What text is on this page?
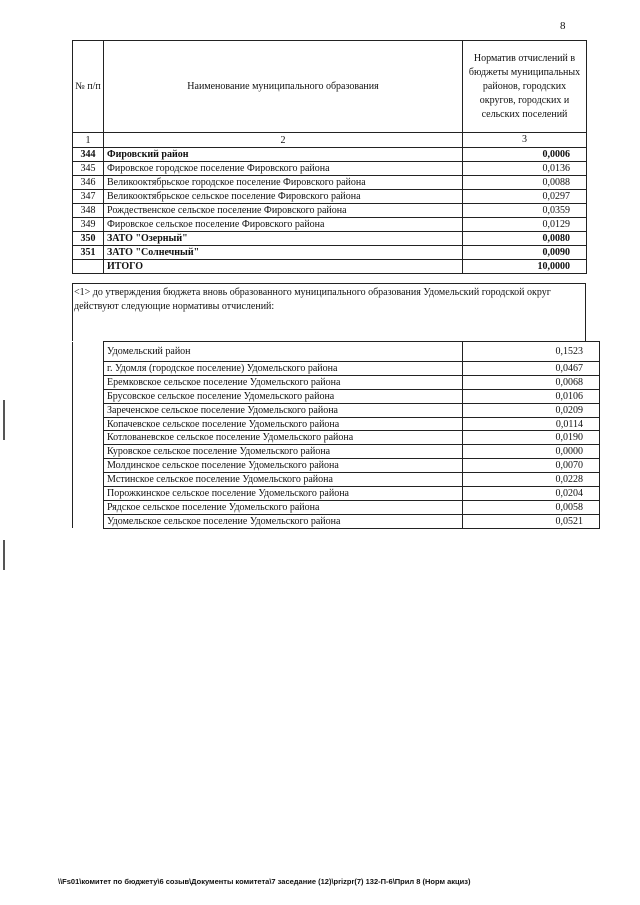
8
№ п/п	Наименование муниципального образования	Норматив отчислений в бюджеты муниципальных районов, городских округов, городских и сельских поселений
1	2	3
344	Фировский район	0,0006
345	Фировское городское поселение Фировского района	0,0136
346	Великооктябрьское городское поселение Фировского района	0,0088
347	Великооктябрьское сельское поселение Фировского района	0,0297
348	Рождественское сельское поселение Фировского района	0,0359
349	Фировское сельское поселение Фировского района	0,0129
350	ЗАТО "Озерный"	0,0080
351	ЗАТО "Солнечный"	0,0090
	ИТОГО	10,0000
<1> до утверждения бюджета вновь образованного муниципального образования Удомельский городской округ действуют следующие нормативы отчислений:
	Удомельский район	0,1523
	г. Удомля (городское поселение) Удомельского района	0,0467
	Еремковское сельское поселение Удомельского района	0,0068
	Брусовское сельское поселение Удомельского района	0,0106
	Зареченское сельское поселение Удомельского района	0,0209
	Копачевское сельское поселение Удомельского района	0,0114
	Котлованевское сельское поселение Удомельского района	0,0190
	Куровское сельское поселение Удомельского района	0,0000
	Молдинское сельское поселение Удомельского района	0,0070
	Мстинское сельское поселение Удомельского района	0,0228
	Порожкинское сельское поселение Удомельского района	0,0204
	Рядское сельское поселение Удомельского района	0,0058
	Удомельское сельское поселение Удомельского района	0,0521
\\Fs01\комитет по бюджету\6 созыв\Документы комитета\7 заседание (12)\prizpr(7) 132-П-6\Прил 8 (Норм акциз)
